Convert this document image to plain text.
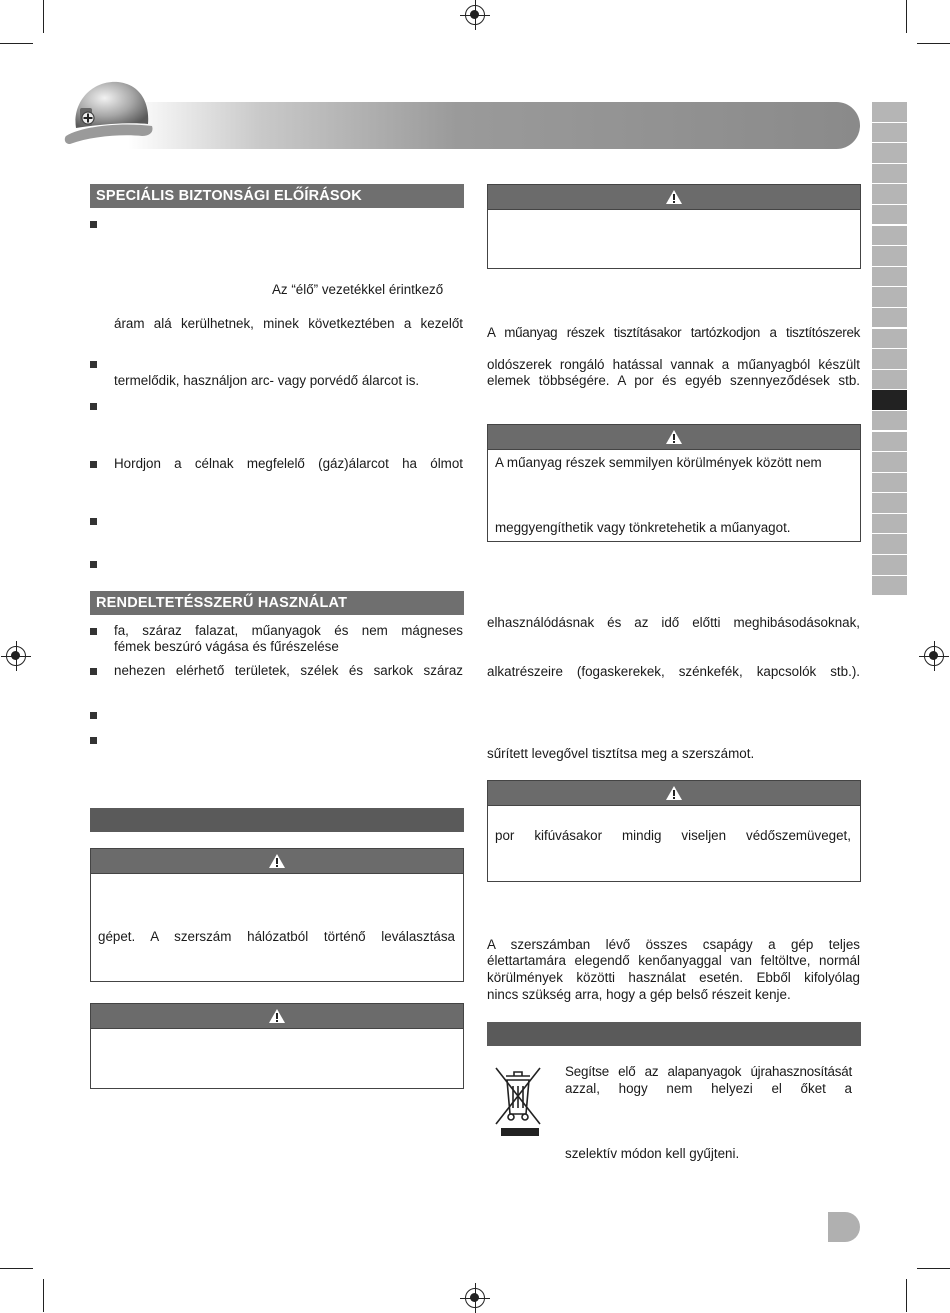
SPECIÁLIS BIZTONSÁGI ELŐÍRÁSOK
Az “élő” vezetékkel érintkező
áram alá kerülhetnek, minek következtében a kezelőt
termelődik, használjon arc- vagy porvédő álarcot is.
Hordjon a célnak megfelelő (gáz)álarcot ha ólmot
RENDELTETÉSSZERŰ HASZNÁLAT
fa, száraz falazat, műanyagok és nem mágneses
fémek beszúró vágása és fűrészelése
nehezen elérhető területek, szélek és sarkok száraz
gépet. A szerszám hálózatból történő leválasztása
A műanyag részek tisztításakor tartózkodjon a tisztítószerek
oldószerek rongáló hatással vannak a műanyagból készült
elemek többségére. A por és egyéb szennyeződések stb.
A műanyag részek semmilyen körülmények között nem
meggyengíthetik vagy tönkretehetik a műanyagot.
elhasználódásnak és az idő előtti meghibásodásoknak,
alkatrészeire (fogaskerekek, szénkefék, kapcsolók stb.).
sűrített levegővel tisztítsa meg a szerszámot.
por kifúvásakor mindig viseljen védőszemüveget,
A szerszámban lévő összes csapágy a gép teljes
élettartamára elegendő kenőanyaggal van feltöltve, normál
körülmények közötti használat esetén. Ebből kifolyólag
nincs szükség arra, hogy a gép belső részeit kenje.
Segítse elő az alapanyagok újrahasznosítását
azzal, hogy nem helyezi el őket a
szelektív módon kell gyűjteni.
